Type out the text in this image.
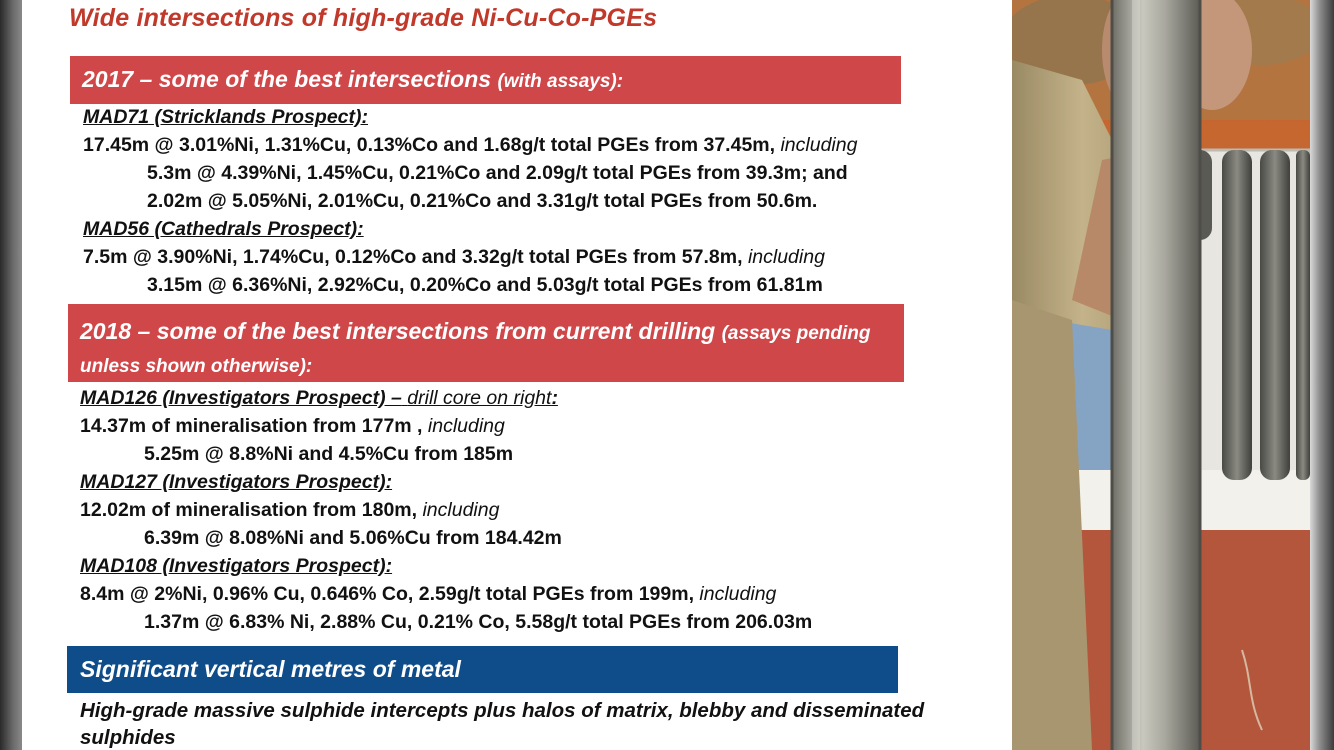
Wide intersections of high-grade Ni-Cu-Co-PGEs
2017 – some of the best intersections (with assays):
MAD71 (Stricklands Prospect):
17.45m @ 3.01%Ni, 1.31%Cu, 0.13%Co and 1.68g/t total PGEs from 37.45m, including
5.3m @ 4.39%Ni, 1.45%Cu, 0.21%Co and 2.09g/t total PGEs from 39.3m; and
2.02m @ 5.05%Ni, 2.01%Cu, 0.21%Co and 3.31g/t total PGEs from 50.6m.
MAD56 (Cathedrals Prospect):
7.5m @ 3.90%Ni, 1.74%Cu, 0.12%Co and 3.32g/t total PGEs from 57.8m, including
3.15m @ 6.36%Ni, 2.92%Cu, 0.20%Co and 5.03g/t total PGEs from 61.81m
2018 – some of the best intersections from current drilling (assays pending unless shown otherwise):
MAD126 (Investigators Prospect) – drill core on right:
14.37m of mineralisation from 177m , including
5.25m @ 8.8%Ni and 4.5%Cu from 185m
MAD127 (Investigators Prospect):
12.02m of mineralisation from 180m, including
6.39m @ 8.08%Ni and 5.06%Cu from 184.42m
MAD108 (Investigators Prospect):
8.4m @ 2%Ni, 0.96% Cu, 0.646% Co, 2.59g/t total PGEs from 199m, including
1.37m @ 6.83% Ni, 2.88% Cu, 0.21% Co, 5.58g/t total PGEs from 206.03m
Significant vertical metres of metal
High-grade massive sulphide intercepts plus halos of matrix, blebby and disseminated sulphides
